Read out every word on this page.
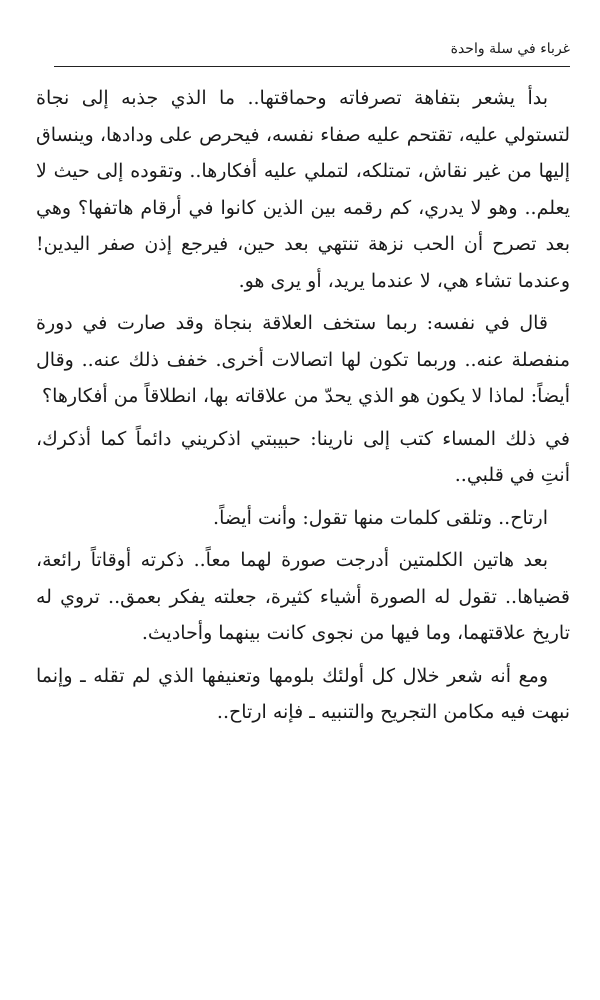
غرباء في سلة واحدة

بدأ يشعر بتفاهة تصرفاته وحماقتها.. ما الذي جذبه إلى نجاة لتستولي عليه، تقتحم عليه صفاء نفسه، فيحرص على ودادها، وينساق إليها من غير نقاش، تمتلكه، لتملي عليه أفكارها.. وتقوده إلى حيث لا يعلم.. وهو لا يدري، كم رقمه بين الذين كانوا في أرقام هاتفها؟ وهي بعد تصرح أن الحب نزهة تنتهي بعد حين، فيرجع إذن صفر اليدين! وعندما تشاء هي، لا عندما يريد، أو يرى هو.

قال في نفسه: ربما ستخف العلاقة بنجاة وقد صارت في دورة منفصلة عنه.. وربما تكون لها اتصالات أخرى. خفف ذلك عنه.. وقال أيضاً: لماذا لا يكون هو الذي يحدّ من علاقاته بها، انطلاقاً من أفكارها؟

في ذلك المساء كتب إلى نارينا: حبيبتي اذكريني دائماً كما أذكرك، أنتِ في قلبي..

ارتاح.. وتلقى كلمات منها تقول: وأنت أيضاً.

بعد هاتين الكلمتين أدرجت صورة لهما معاً.. ذكرته أوقاتاً رائعة، قضياها.. تقول له الصورة أشياء كثيرة، جعلته يفكر بعمق.. تروي له تاريخ علاقتهما، وما فيها من نجوى كانت بينهما وأحاديث.

ومع أنه شعر خلال كل أولئك بلومها وتعنيفها الذي لم تقله ـ وإنما نبهت فيه مكامن التجريح والتنبيه ـ فإنه ارتاح..
